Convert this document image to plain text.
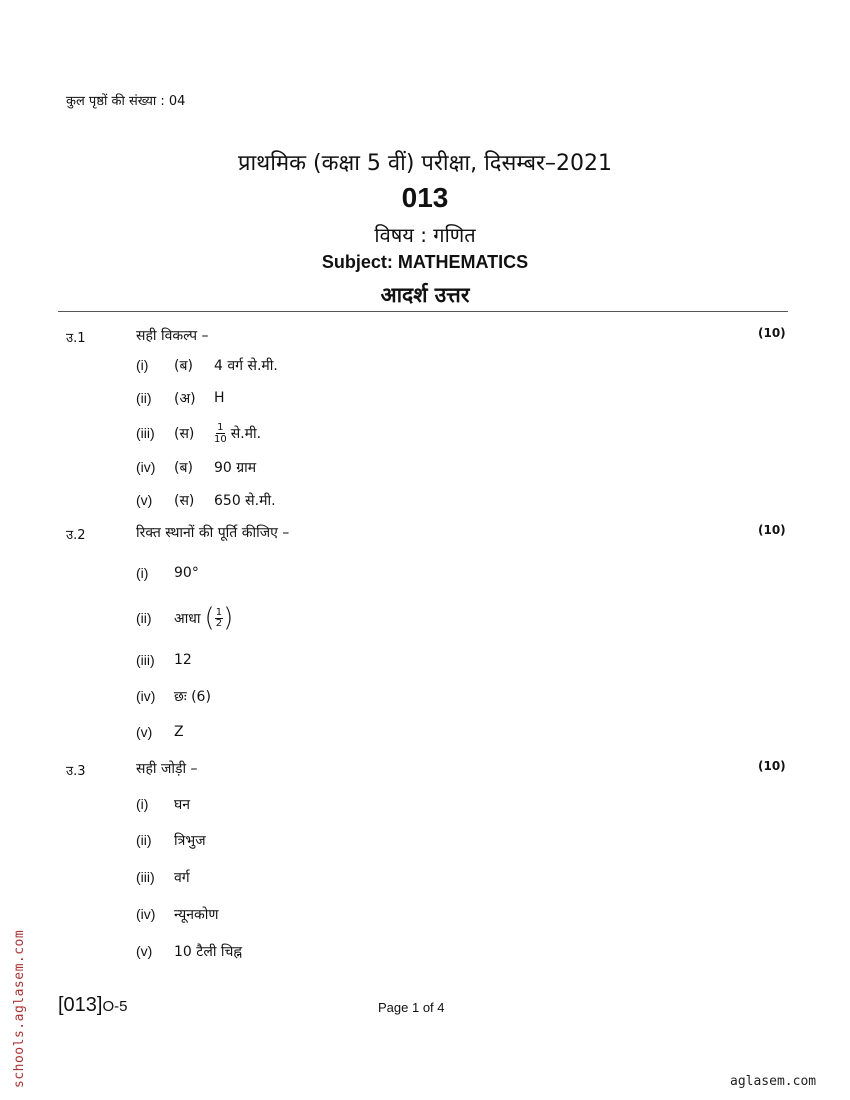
कुल पृष्ठों की संख्या : 04
प्राथमिक (कक्षा 5 वीं) परीक्षा, दिसम्बर–2021
013
विषय : गणित
Subject: MATHEMATICS
आदर्श उत्तर
उ.1	सही विकल्प –	(10)
(i)	(ब)	4 वर्ग से.मी.
(ii)	(अ)	H
(iii)	(स)	$\frac{1}{10}$ से.मी.
(iv)	(ब)	90 ग्राम
(v)	(स)	650 से.मी.
उ.2	रिक्त स्थानों की पूर्ति कीजिए –	(10)
(i)	90°
(ii)	आधा ( $\frac{1}{2}$ )
(iii)	12
(iv)	छः (6)
(v)	Z
उ.3	सही जोड़ी –	(10)
(i)	घन
(ii)	त्रिभुज
(iii)	वर्ग
(iv)	न्यूनकोण
(v)	10 टैली चिह्न
[013]O-5	Page 1 of 4
schools.aglasem.com	aglasem.com
